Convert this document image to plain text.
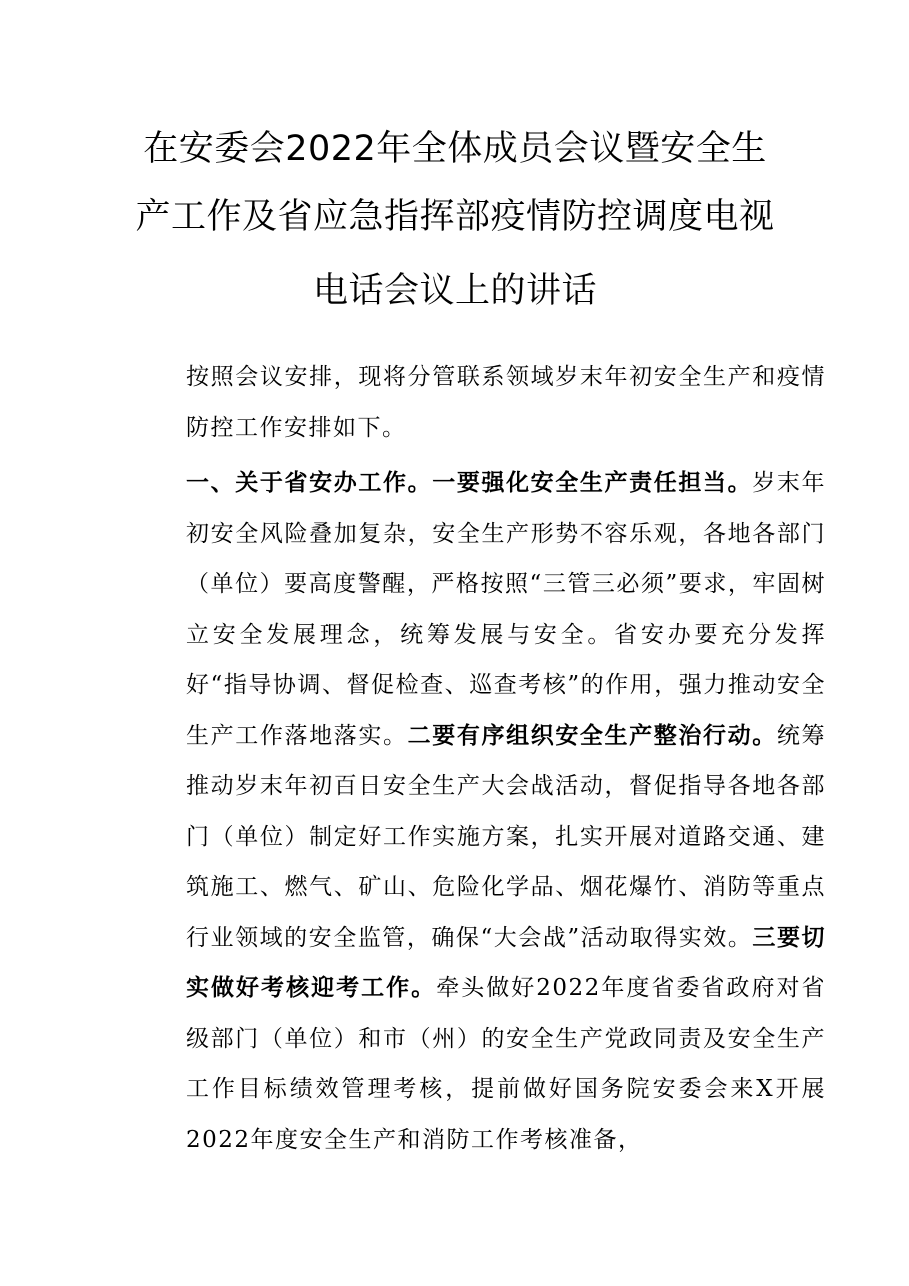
在安委会2022年全体成员会议暨安全生
产工作及省应急指挥部疫情防控调度电视
电话会议上的讲话
按照会议安排，现将分管联系领域岁末年初安全生产和疫情防控工作安排如下。
一、关于省安办工作。一要强化安全生产责任担当。岁末年初安全风险叠加复杂，安全生产形势不容乐观，各地各部门（单位）要高度警醒，严格按照“三管三必须”要求，牢固树立安全发展理念，统筹发展与安全。省安办要充分发挥好“指导协调、督促检查、巡查考核”的作用，强力推动安全生产工作落地落实。二要有序组织安全生产整治行动。统筹推动岁末年初百日安全生产大会战活动，督促指导各地各部门（单位）制定好工作实施方案，扎实开展对道路交通、建筑施工、燃气、矿山、危险化学品、烟花爆竹、消防等重点行业领域的安全监管，确保“大会战”活动取得实效。三要切实做好考核迎考工作。牵头做好2022年度省委省政府对省级部门（单位）和市（州）的安全生产党政同责及安全生产工作目标绩效管理考核，提前做好国务院安委会来X开展2022年度安全生产和消防工作考核准备，
